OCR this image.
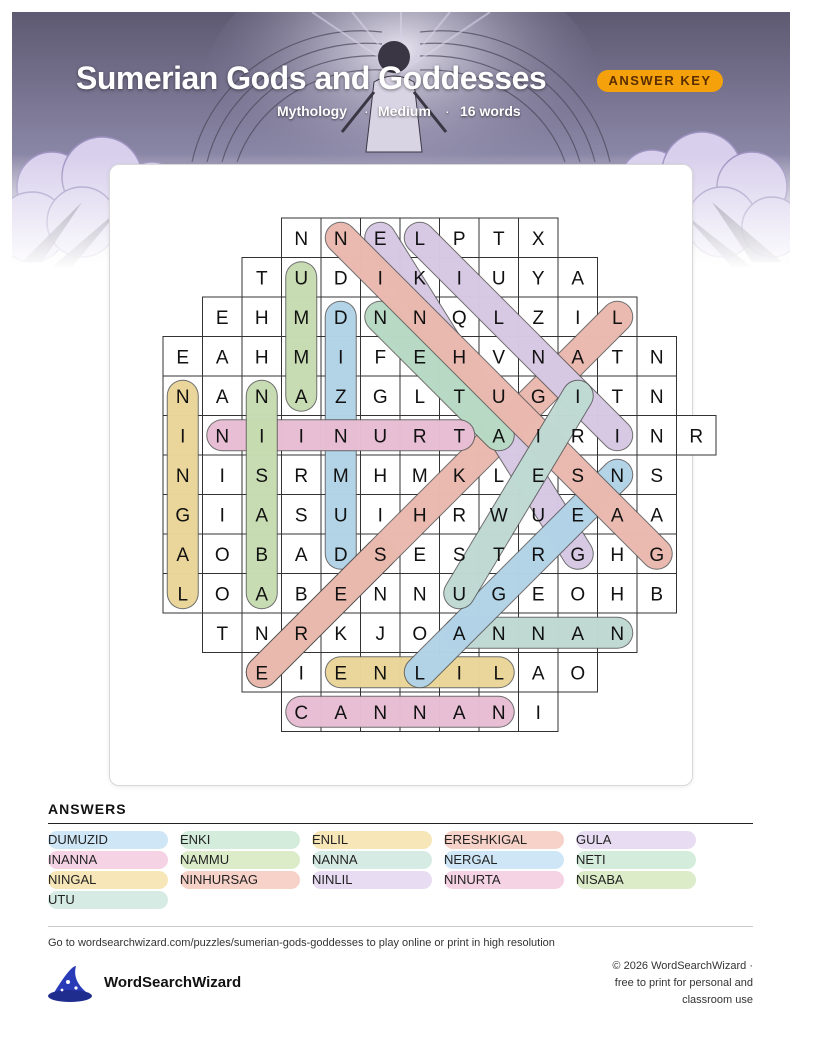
Sumerian Gods and Goddesses	ANSWER KEY
Mythology · Medium · 16 words
N N E L P T X
T U D I K I U Y A
E H M D N N Q L Z I L
E A H M I F E H V N A T N
N A N A Z G L T U G I T N
I N I I N U R T A I R I N R
N I S R M H M K L E S N S
G I A S U I H R W U E A A
A O B A D S E S T R G H G
L O A B E N N U G E O H B
T N R K J O A N N A N
E I E N L I L A O
C A N N A N I
ANSWERS
DUMUZID	ENKI	ENLIL	ERESHKIGAL	GULA
INANNA	NAMMU	NANNA	NERGAL	NETI
NINGAL	NINHURSAG	NINLIL	NINURTA	NISABA
UTU
Go to wordsearchwizard.com/puzzles/sumerian-gods-goddesses to play online or print in high resolution
WordSearchWizard
© 2026 WordSearchWizard ·
free to print for personal and
classroom use
